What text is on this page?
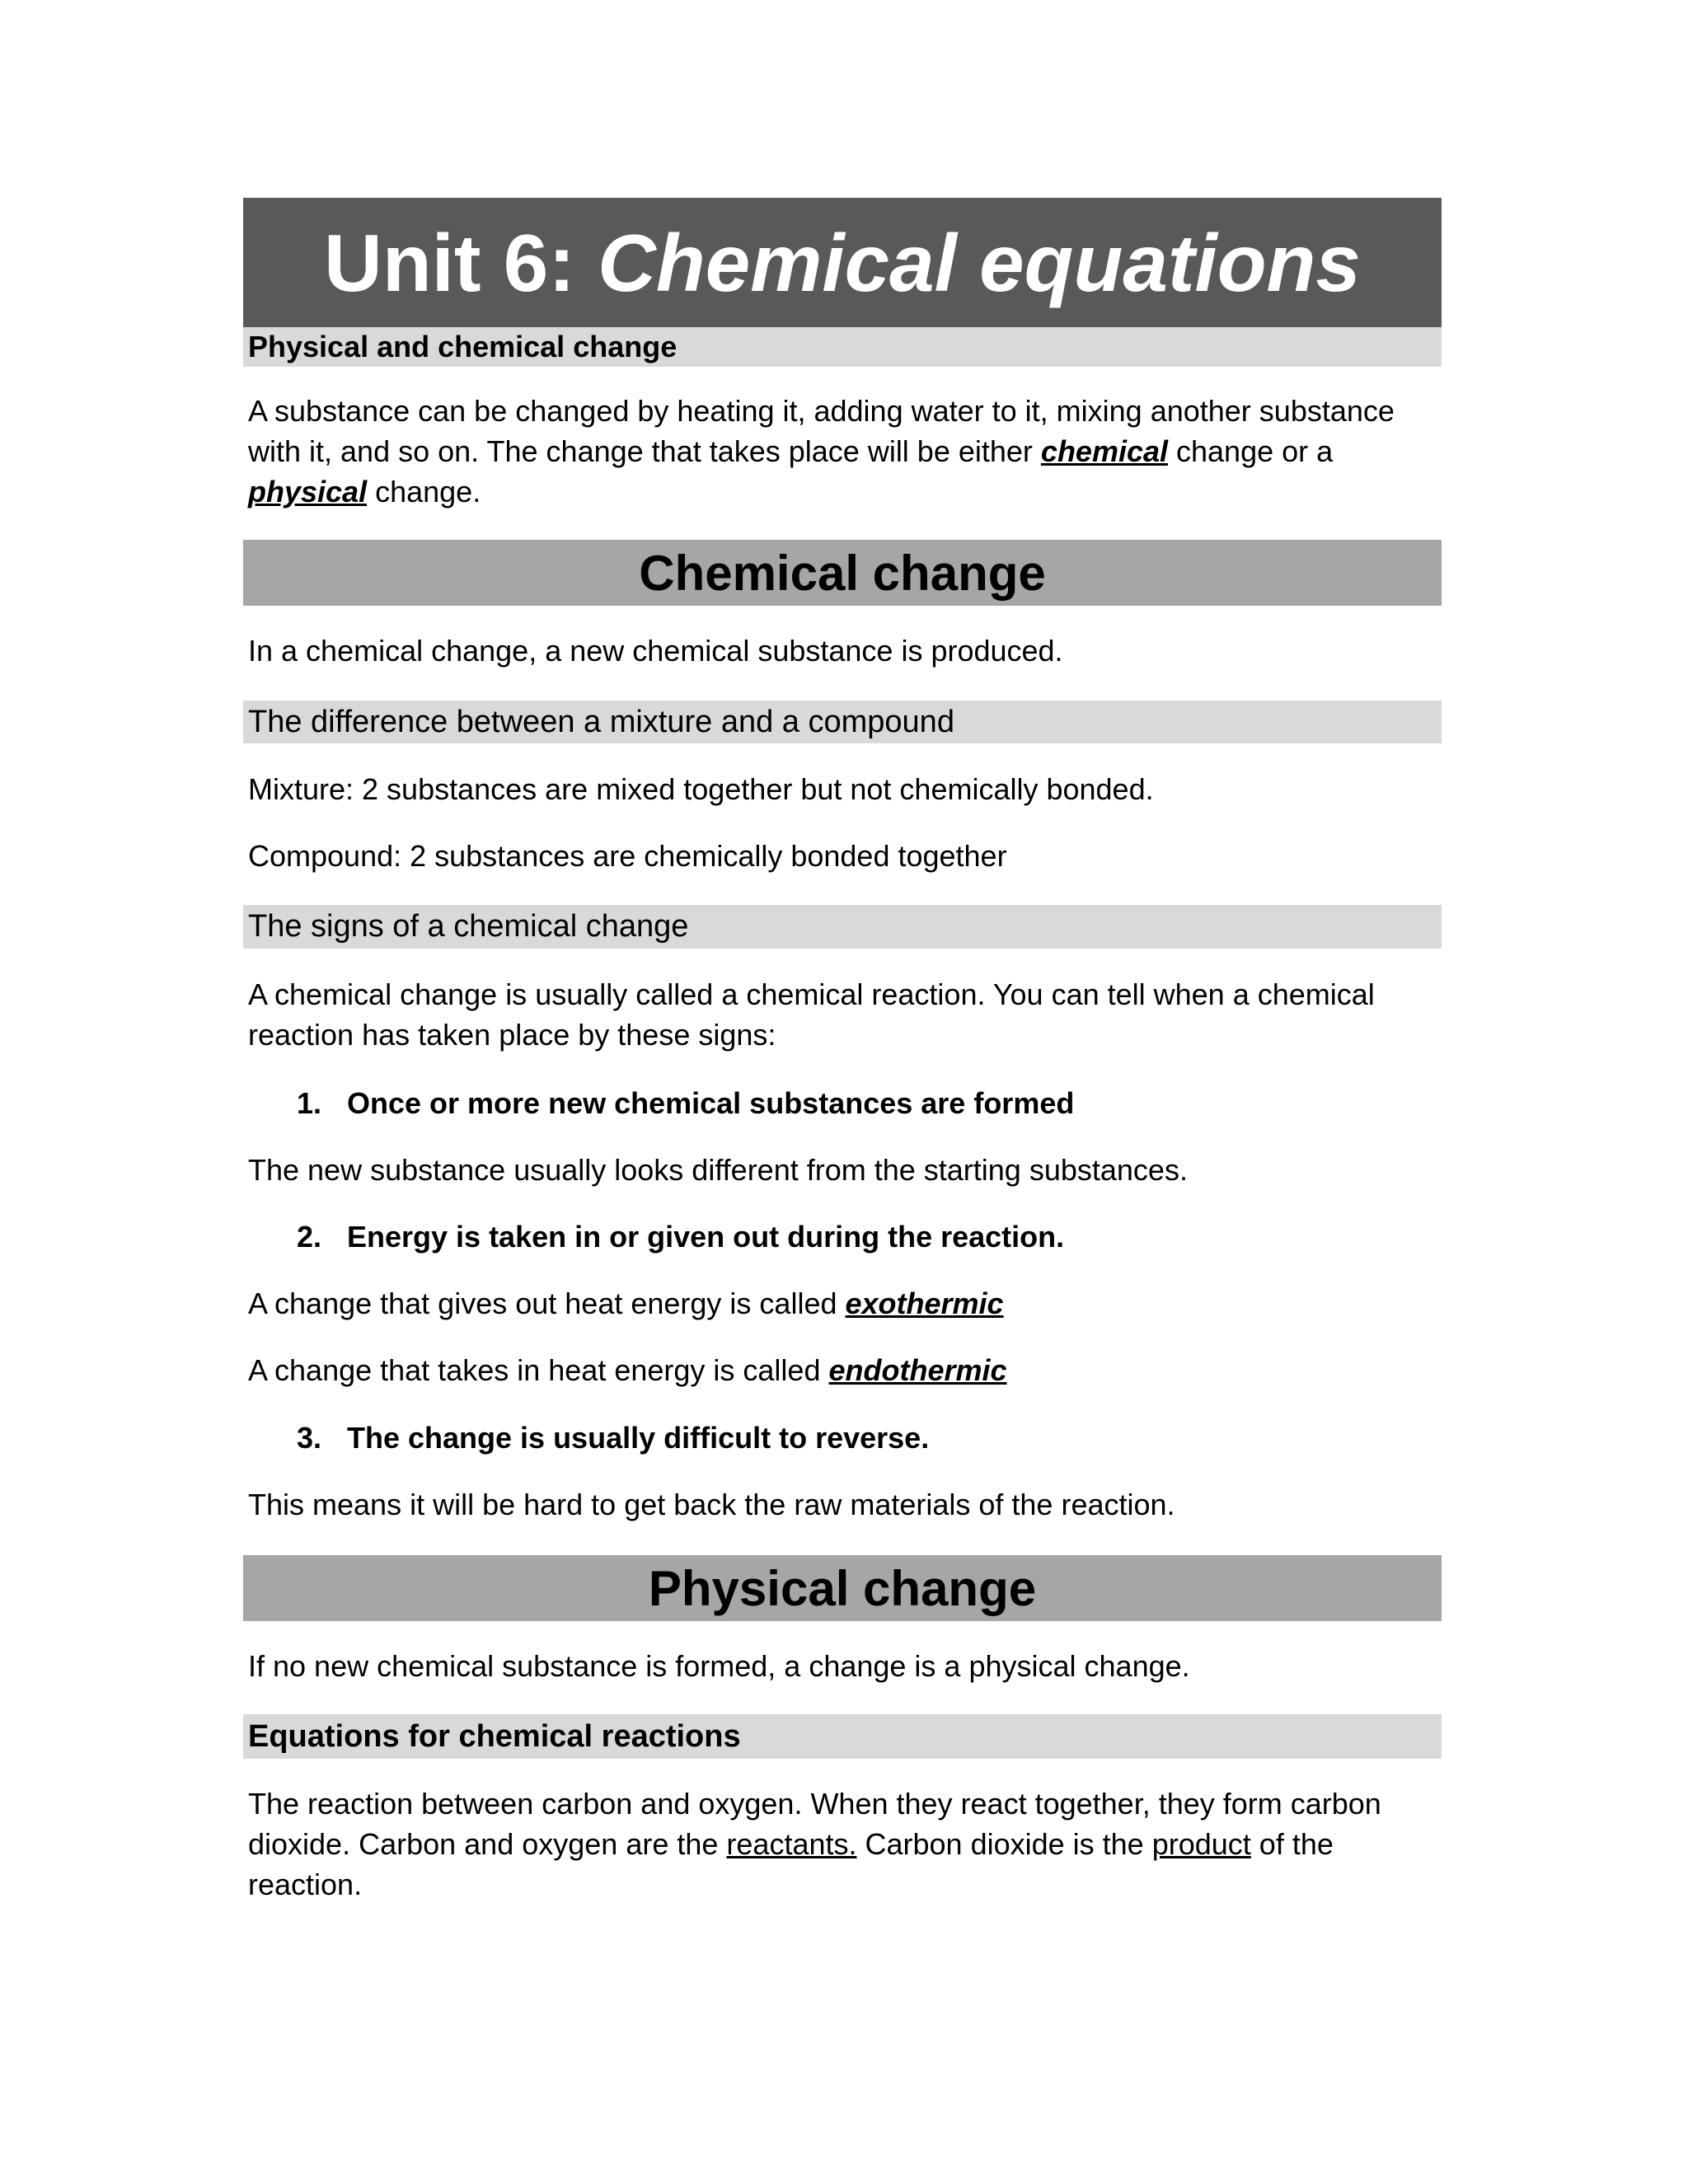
Unit 6: Chemical equations
Physical and chemical change

A substance can be changed by heating it, adding water to it, mixing another substance with it, and so on. The change that takes place will be either chemical change or a physical change.

Chemical change

In a chemical change, a new chemical substance is produced.

The difference between a mixture and a compound

Mixture: 2 substances are mixed together but not chemically bonded.

Compound: 2 substances are chemically bonded together

The signs of a chemical change

A chemical change is usually called a chemical reaction. You can tell when a chemical reaction has taken place by these signs:

1. Once or more new chemical substances are formed

The new substance usually looks different from the starting substances.

2. Energy is taken in or given out during the reaction.

A change that gives out heat energy is called exothermic

A change that takes in heat energy is called endothermic

3. The change is usually difficult to reverse.

This means it will be hard to get back the raw materials of the reaction.

Physical change

If no new chemical substance is formed, a change is a physical change.

Equations for chemical reactions

The reaction between carbon and oxygen. When they react together, they form carbon dioxide. Carbon and oxygen are the reactants. Carbon dioxide is the product of the reaction.
